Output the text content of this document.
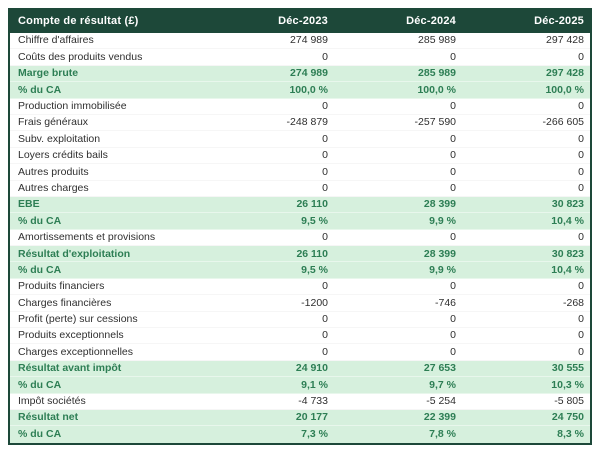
Compte de résultat (£)	Déc-2023	Déc-2024	Déc-2025
Chiffre d'affaires	274 989	285 989	297 428
Coûts des produits vendus	0	0	0
Marge brute	274 989	285 989	297 428
% du CA	100,0 %	100,0 %	100,0 %
Production immobilisée	0	0	0
Frais généraux	-248 879	-257 590	-266 605
Subv. exploitation	0	0	0
Loyers crédits bails	0	0	0
Autres produits	0	0	0
Autres charges	0	0	0
EBE	26 110	28 399	30 823
% du CA	9,5 %	9,9 %	10,4 %
Amortissements et provisions	0	0	0
Résultat d'exploitation	26 110	28 399	30 823
% du CA	9,5 %	9,9 %	10,4 %
Produits financiers	0	0	0
Charges financières	-1200	-746	-268
Profit (perte) sur cessions	0	0	0
Produits exceptionnels	0	0	0
Charges exceptionnelles	0	0	0
Résultat avant impôt	24 910	27 653	30 555
% du CA	9,1 %	9,7 %	10,3 %
Impôt sociétés	-4 733	-5 254	-5 805
Résultat net	20 177	22 399	24 750
% du CA	7,3 %	7,8 %	8,3 %
